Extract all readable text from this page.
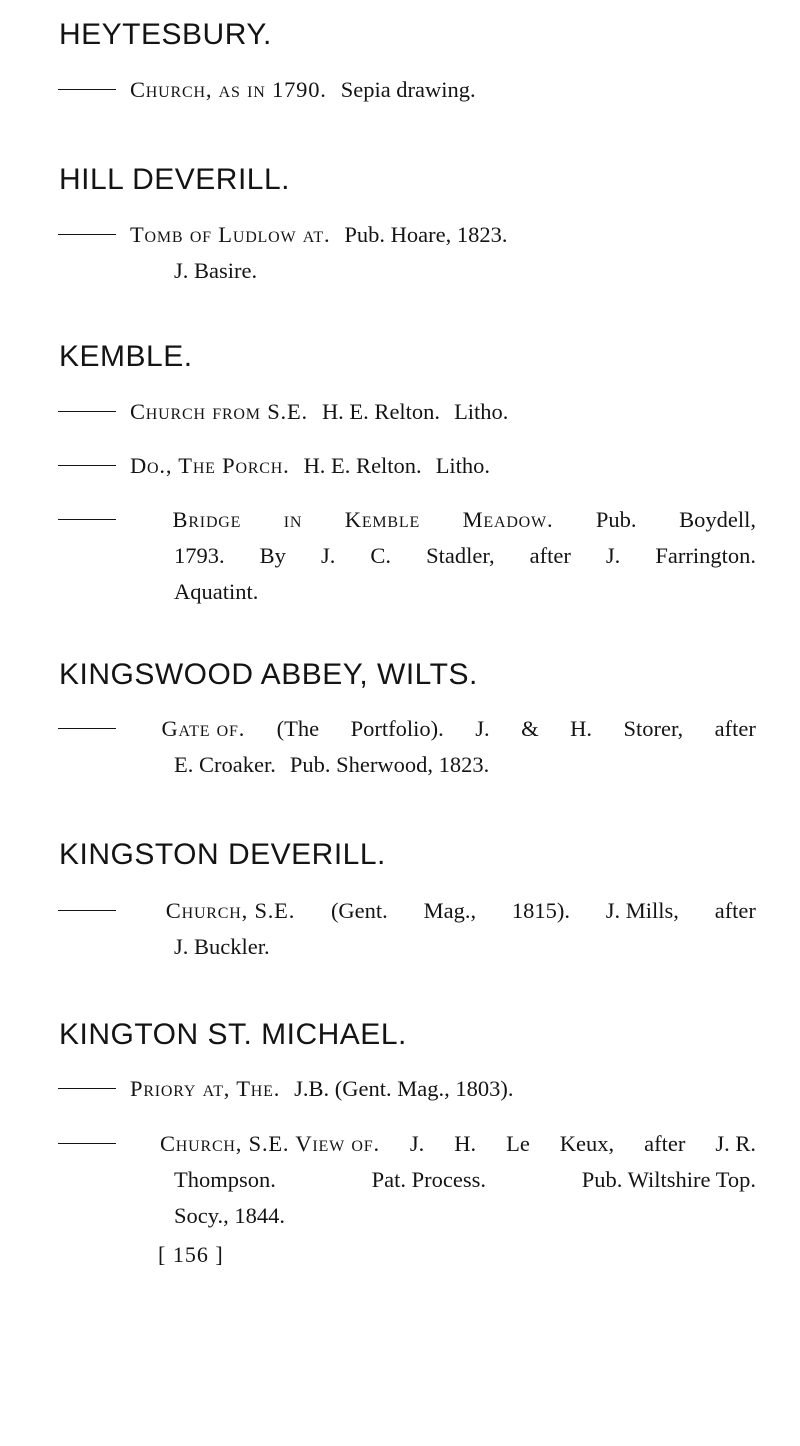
HEYTESBURY.
Church, as in 1790. Sepia drawing.
HILL DEVERILL.
Tomb of Ludlow at. Pub. Hoare, 1823.
J. Basire.
KEMBLE.
Church from S.E. H. E. Relton. Litho.
Do., The Porch. H. E. Relton. Litho.
Bridge in Kemble Meadow. Pub. Boydell,
1793. By J. C. Stadler, after J. Farrington.
Aquatint.
KINGSWOOD ABBEY, WILTS.
Gate of. (The Portfolio). J. & H. Storer, after
E. Croaker. Pub. Sherwood, 1823.
KINGSTON DEVERILL.
Church, S.E. (Gent. Mag., 1815). J. Mills, after
J. Buckler.
KINGTON ST. MICHAEL.
Priory at, The. J.B. (Gent. Mag., 1803).
Church, S.E. View of. J. H. Le Keux, after J. R.
Thompson.	Pat. Process.	Pub. Wiltshire Top.
Socy., 1844.
[ 156 ]
